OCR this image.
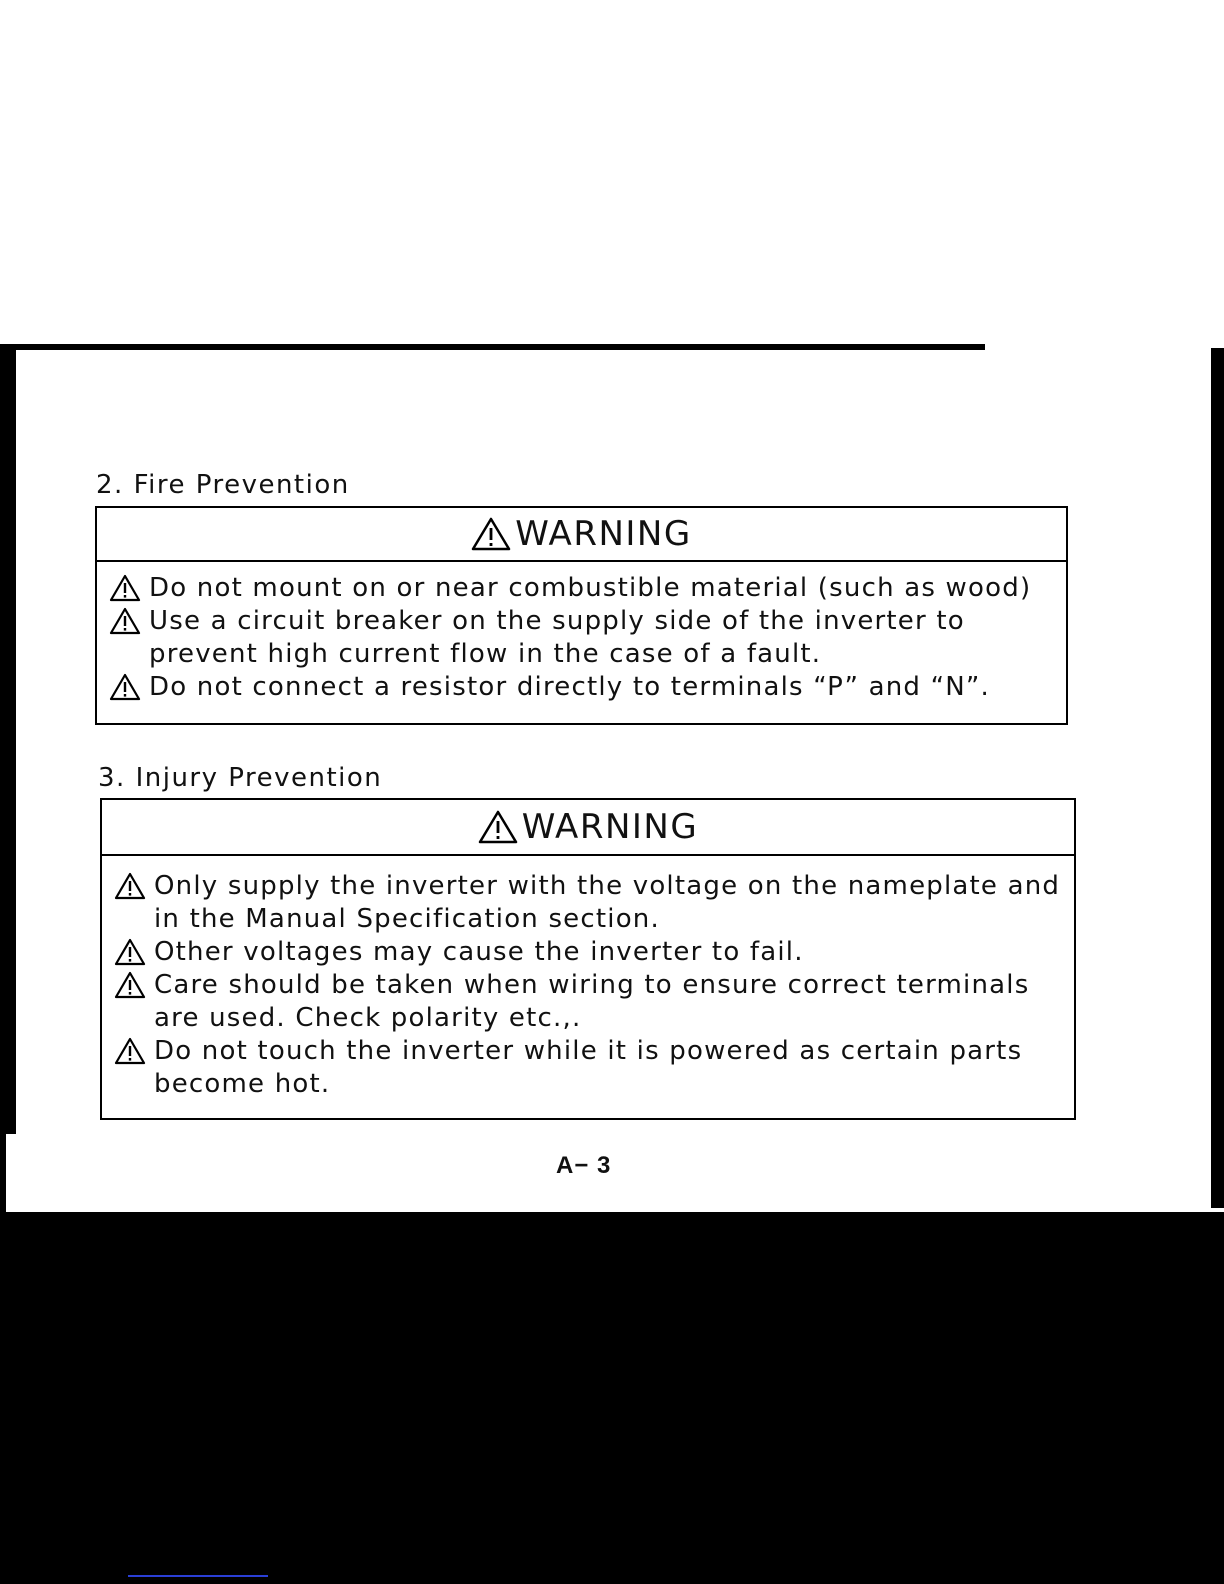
2. Fire Prevention
WARNING
Do not mount on or near combustible material (such as wood)
Use a circuit breaker on the supply side of the inverter to
prevent high current flow in the case of a fault.
Do not connect a resistor directly to terminals “P” and “N”.
3. Injury Prevention
WARNING
Only supply the inverter with the voltage on the nameplate and
in the Manual Specification section.
Other voltages may cause the inverter to fail.
Care should be taken when wiring to ensure correct terminals
are used. Check polarity etc.,.
Do not touch the inverter while it is powered as certain parts
become hot.
A− 3
